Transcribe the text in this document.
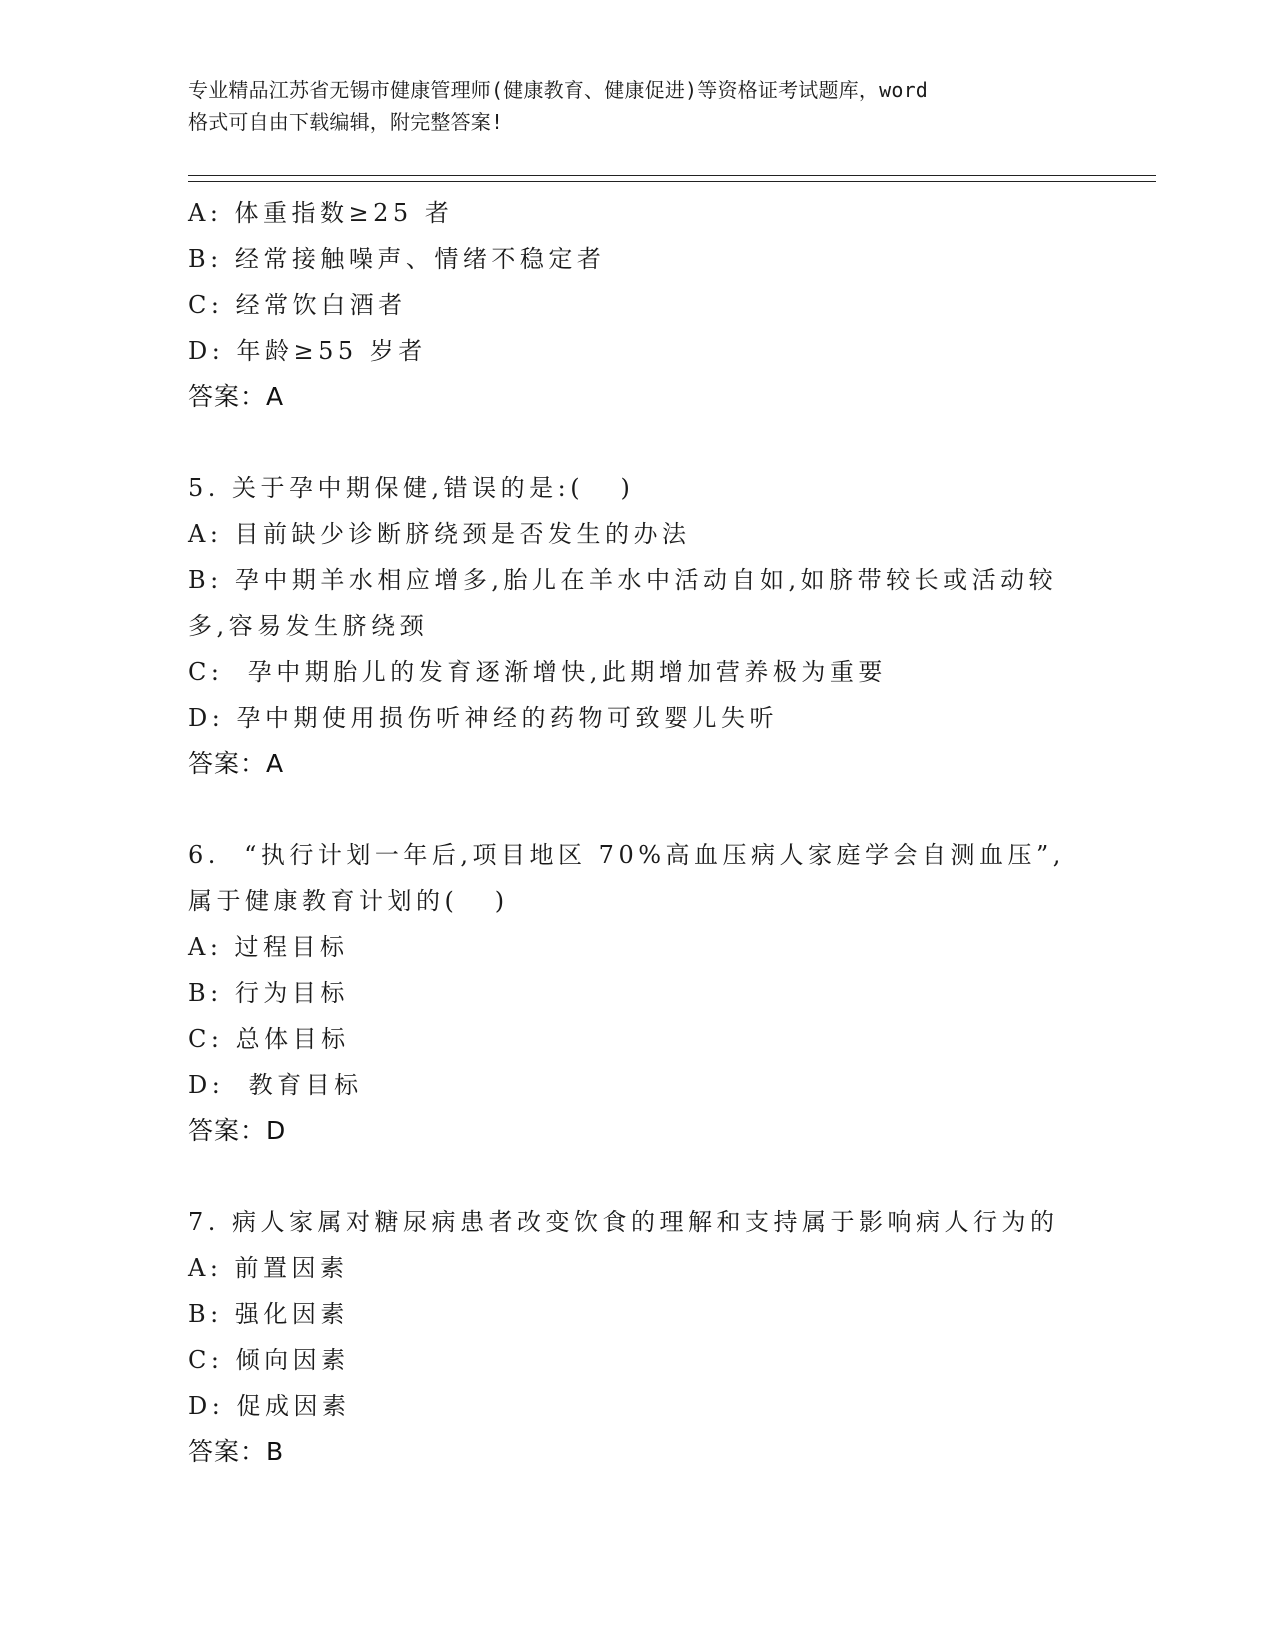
专业精品江苏省无锡市健康管理师(健康教育、健康促进)等资格证考试题库，word
格式可自由下载编辑，附完整答案!
A: 体重指数≥25 者
B: 经常接触噪声、情绪不稳定者
C: 经常饮白酒者
D: 年龄≥55 岁者
答案：A
5. 关于孕中期保健,错误的是:(   )
A: 目前缺少诊断脐绕颈是否发生的办法
B: 孕中期羊水相应增多,胎儿在羊水中活动自如,如脐带较长或活动较
多,容易发生脐绕颈
C:  孕中期胎儿的发育逐渐增快,此期增加营养极为重要
D: 孕中期使用损伤听神经的药物可致婴儿失听
答案：A
6.  “执行计划一年后,项目地区 70%高血压病人家庭学会自测血压”,
属于健康教育计划的(   )
A: 过程目标
B: 行为目标
C: 总体目标
D:  教育目标
答案：D
7. 病人家属对糖尿病患者改变饮食的理解和支持属于影响病人行为的
A: 前置因素
B: 强化因素
C: 倾向因素
D: 促成因素
答案：B
